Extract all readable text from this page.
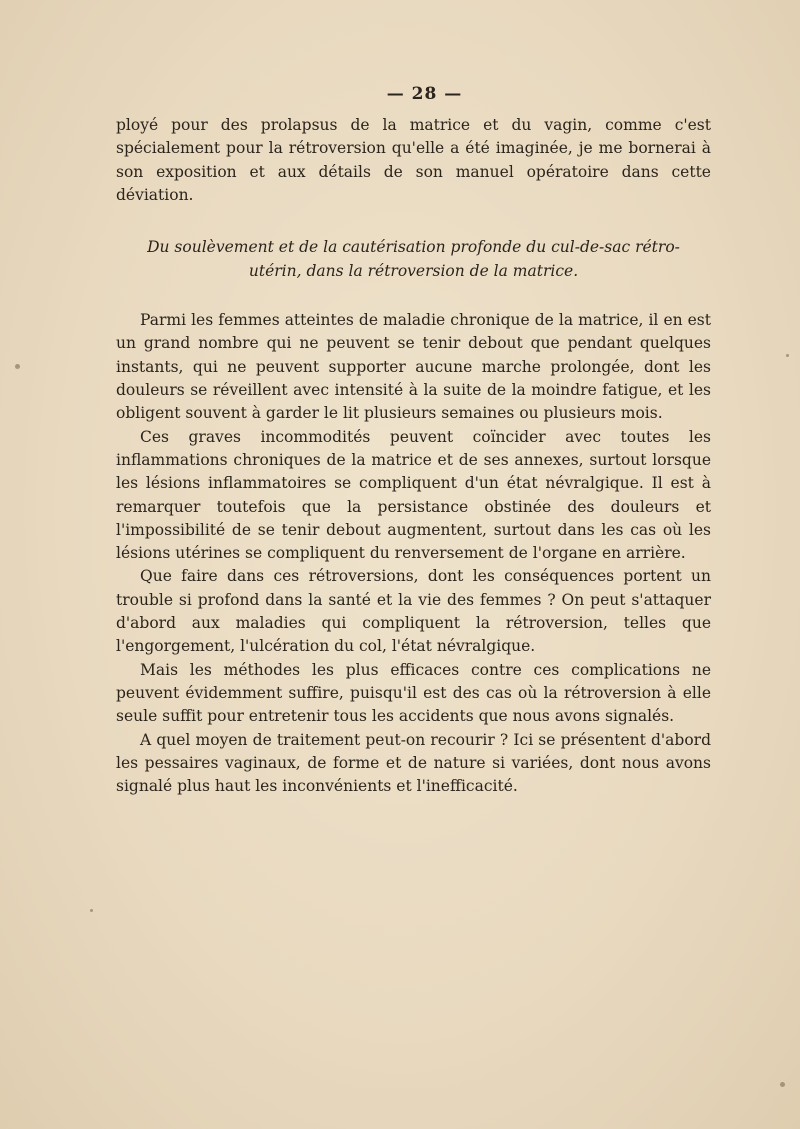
— 28 —

ployé pour des prolapsus de la matrice et du vagin, comme c'est spécialement pour la rétroversion qu'elle a été imaginée, je me bornerai à son exposition et aux détails de son manuel opératoire dans cette déviation.

Du soulèvement et de la cautérisation profonde du cul-de-sac rétro-
utérin, dans la rétroversion de la matrice.

Parmi les femmes atteintes de maladie chronique de la matrice, il en est un grand nombre qui ne peuvent se tenir debout que pendant quelques instants, qui ne peuvent supporter aucune marche prolongée, dont les douleurs se réveillent avec intensité à la suite de la moindre fatigue, et les obligent souvent à garder le lit plusieurs semaines ou plusieurs mois.

Ces graves incommodités peuvent coïncider avec toutes les inflammations chroniques de la matrice et de ses annexes, surtout lorsque les lésions inflammatoires se compliquent d'un état névralgique. Il est à remarquer toutefois que la persistance obstinée des douleurs et l'impossibilité de se tenir debout augmentent, surtout dans les cas où les lésions utérines se compliquent du renversement de l'organe en arrière.

Que faire dans ces rétroversions, dont les conséquences portent un trouble si profond dans la santé et la vie des femmes ? On peut s'attaquer d'abord aux maladies qui compliquent la rétroversion, telles que l'engorgement, l'ulcération du col, l'état névralgique.

Mais les méthodes les plus efficaces contre ces complications ne peuvent évidemment suffire, puisqu'il est des cas où la rétroversion à elle seule suffit pour entretenir tous les accidents que nous avons signalés.

A quel moyen de traitement peut-on recourir ? Ici se présentent d'abord les pessaires vaginaux, de forme et de nature si variées, dont nous avons signalé plus haut les inconvénients et l'inefficacité.
